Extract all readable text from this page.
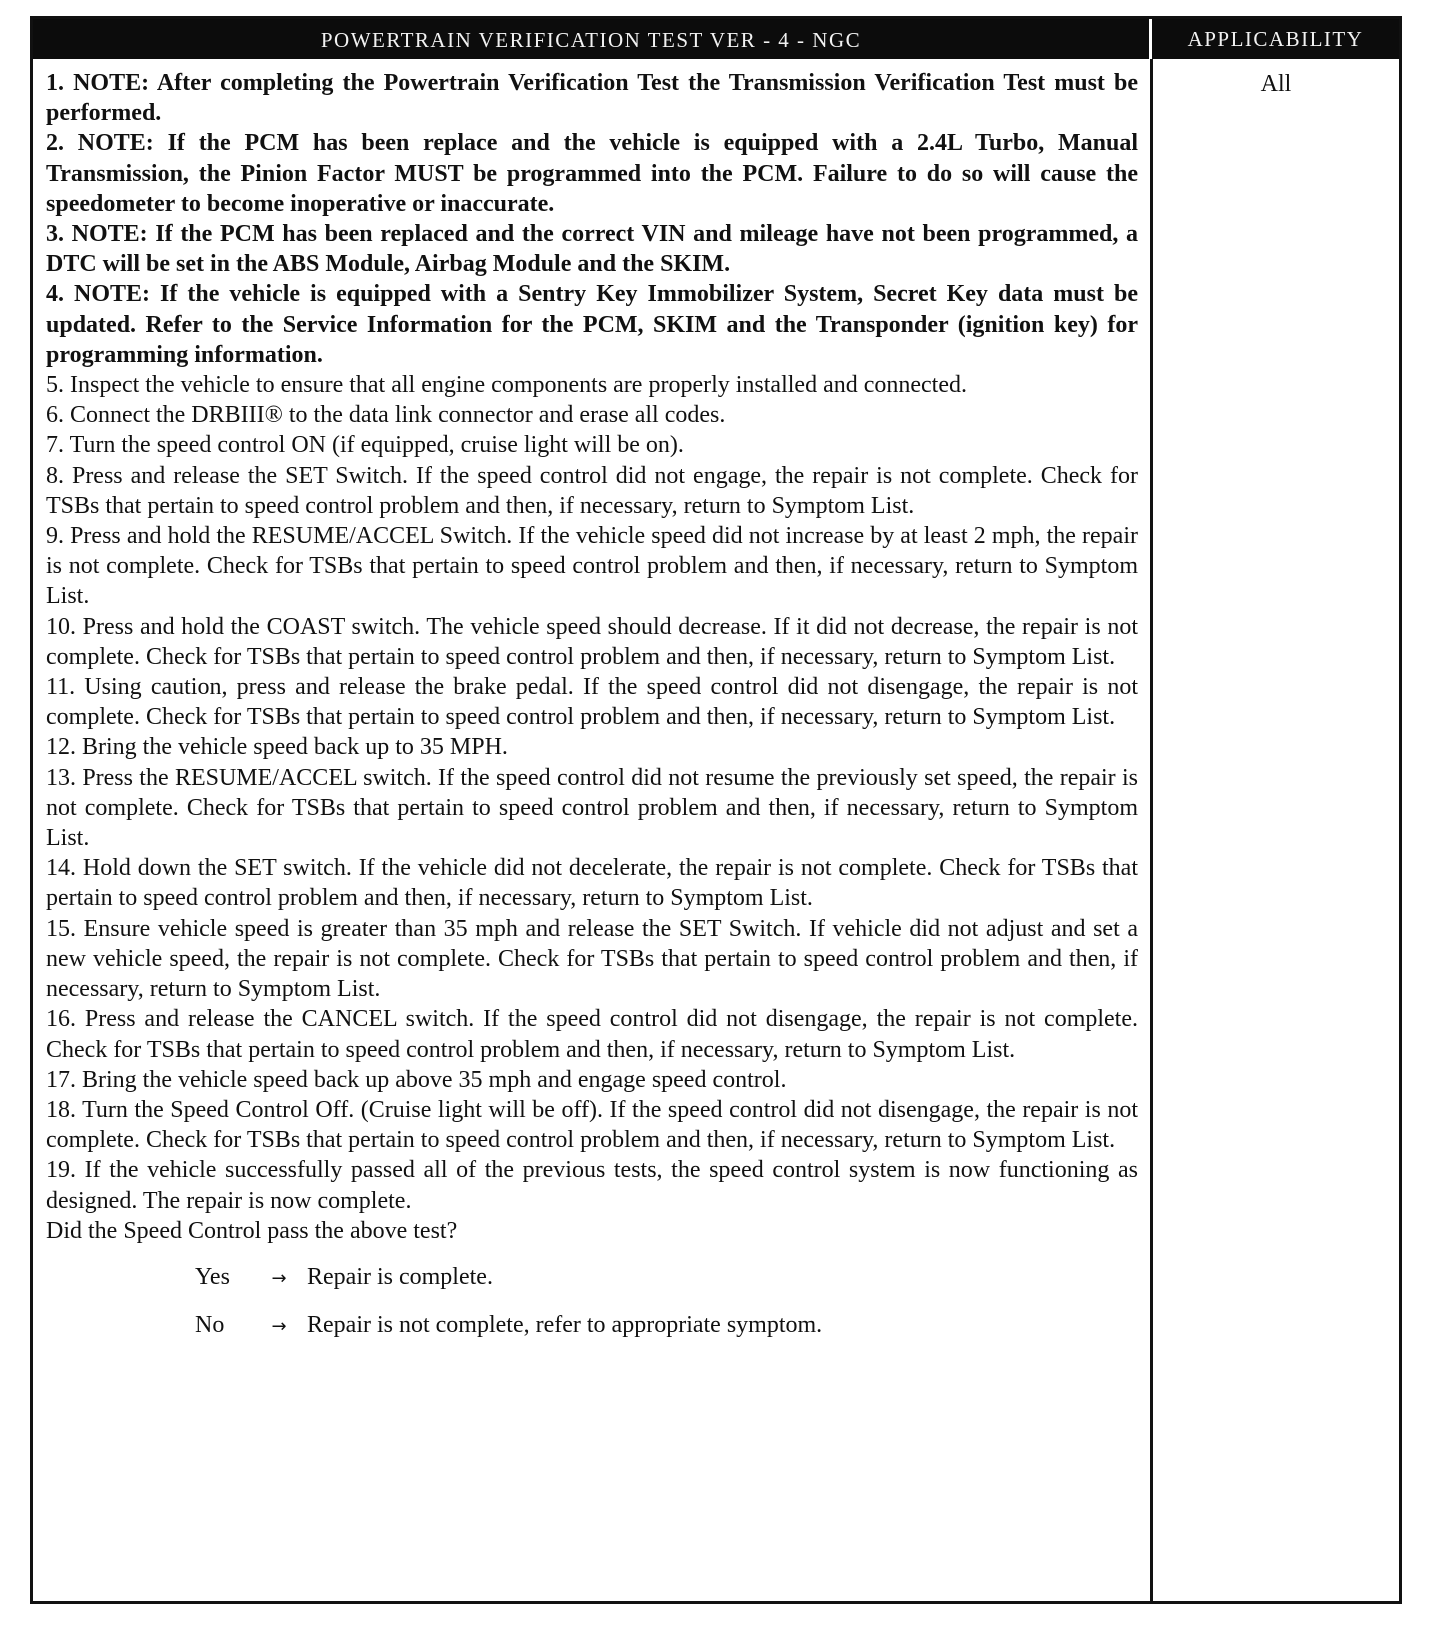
POWERTRAIN VERIFICATION TEST VER - 4 - NGC	APPLICABILITY

1. NOTE: After completing the Powertrain Verification Test the Transmission Verification Test must be performed.

2. NOTE: If the PCM has been replace and the vehicle is equipped with a 2.4L Turbo, Manual Transmission, the Pinion Factor MUST be programmed into the PCM. Failure to do so will cause the speedometer to become inoperative or inaccurate.

3. NOTE: If the PCM has been replaced and the correct VIN and mileage have not been programmed, a DTC will be set in the ABS Module, Airbag Module and the SKIM.

4. NOTE: If the vehicle is equipped with a Sentry Key Immobilizer System, Secret Key data must be updated. Refer to the Service Information for the PCM, SKIM and the Transponder (ignition key) for programming information.

5. Inspect the vehicle to ensure that all engine components are properly installed and connected.

6. Connect the DRBIII® to the data link connector and erase all codes.

7. Turn the speed control ON (if equipped, cruise light will be on).

8. Press and release the SET Switch. If the speed control did not engage, the repair is not complete. Check for TSBs that pertain to speed control problem and then, if necessary, return to Symptom List.

9. Press and hold the RESUME/ACCEL Switch. If the vehicle speed did not increase by at least 2 mph, the repair is not complete. Check for TSBs that pertain to speed control problem and then, if necessary, return to Symptom List.

10. Press and hold the COAST switch. The vehicle speed should decrease. If it did not decrease, the repair is not complete. Check for TSBs that pertain to speed control problem and then, if necessary, return to Symptom List.

11. Using caution, press and release the brake pedal. If the speed control did not disengage, the repair is not complete. Check for TSBs that pertain to speed control problem and then, if necessary, return to Symptom List.

12. Bring the vehicle speed back up to 35 MPH.

13. Press the RESUME/ACCEL switch. If the speed control did not resume the previously set speed, the repair is not complete. Check for TSBs that pertain to speed control problem and then, if necessary, return to Symptom List.

14. Hold down the SET switch. If the vehicle did not decelerate, the repair is not complete. Check for TSBs that pertain to speed control problem and then, if necessary, return to Symptom List.

15. Ensure vehicle speed is greater than 35 mph and release the SET Switch. If vehicle did not adjust and set a new vehicle speed, the repair is not complete. Check for TSBs that pertain to speed control problem and then, if necessary, return to Symptom List.

16. Press and release the CANCEL switch. If the speed control did not disengage, the repair is not complete. Check for TSBs that pertain to speed control problem and then, if necessary, return to Symptom List.

17. Bring the vehicle speed back up above 35 mph and engage speed control.

18. Turn the Speed Control Off. (Cruise light will be off). If the speed control did not disengage, the repair is not complete. Check for TSBs that pertain to speed control problem and then, if necessary, return to Symptom List.

19. If the vehicle successfully passed all of the previous tests, the speed control system is now functioning as designed. The repair is now complete.

Did the Speed Control pass the above test?

Yes	→ Repair is complete.
No	→ Repair is not complete, refer to appropriate symptom.
All
